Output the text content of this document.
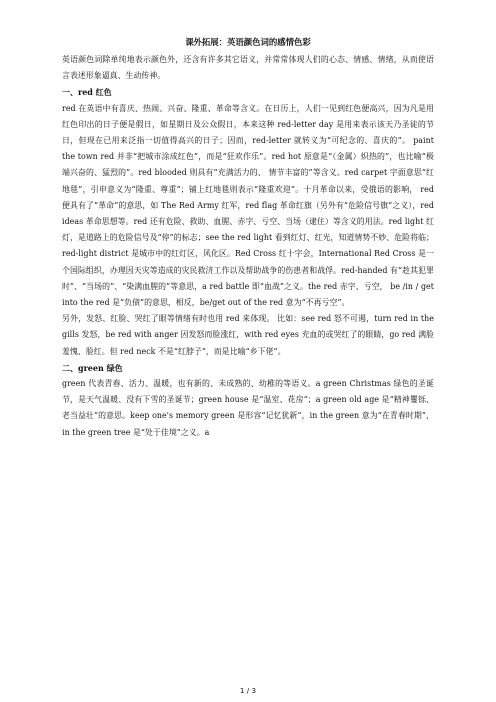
课外拓展：英语颜色词的感情色彩

英语颜色词除单纯地表示颜色外，还含有许多其它语义，并常常体现人们的心态、情感、情绪，从而使语言表述形象逼真、生动传神。

一、red 红色

red 在英语中有喜庆、热闹、兴奋、隆重、革命等含义。在日历上，人们一见到红色便高兴，因为凡是用红色印出的日子便是假日，如星期日及公众假日，本来这种 red-letter day 是用来表示该天乃圣徒的节日，但现在已用来泛指一切值得高兴的日子；因而，red-letter 就转义为“可纪念的、喜庆的”。 paint the town red 并非“把城市涂成红色”，而是“狂欢作乐”。red hot 原意是“（金属）炽热的”，也比喻“极端兴奋的、猛烈的”。red blooded 则具有“充满活力的、 情节丰富的”等含义。red carpet 字面意思“红地毯”，引申意义为“隆重、尊重”；铺上红地毯则表示“隆重欢迎”。十月革命以来，受俄语的影响， red 便具有了“革命”的意思，如 The Red Army 红军，red flag 革命红旗（另外有“危险信号旗”之义），red ideas 革命思想等。red 还有危险、救助、血腥、赤字、亏空、当场（逮住）等含义的用法。red light 红灯，是道路上的危险信号及“停”的标志；see the red light 看到红灯、红光，知道情势不妙、危险将临；red-light district 是城市中的红灯区，风化区。Red Cross 红十字会，International Red Cross 是一个国际组织，办理因天灾等造成的灾民救济工作以及帮助战争的伤患者和战俘。red-handed 有“趁其犯罪时”、“当场的”、“染满血腥的”等意思，a red battle 即“血战”之义。the red 赤字、亏空， be /in / get into the red 是“负债”的意思，相反，be/get out of the red 意为“不再亏空”。

另外，发怒、红脸、哭红了眼等情绪有时也用 red 来体现。 比如：see red 怒不可遏，turn red in the gills 发怒，be red with anger 因发怒而脸涨红，with red eyes 充血的或哭红了的眼睛，go red 满脸羞愧、脸红。但 red neck 不是“红脖子”，而是比喻“乡下佬”。

二、green 绿色

green 代表青春、活力、温暖，也有新的、未成熟的、幼稚的等语义。a green Christmas 绿色的圣诞节，是天气温暖、没有下雪的圣诞节；green house 是“温室、花房”；a green old age 是“精神矍铄、老当益壮”的意思。keep one's memory green 是形容“记忆犹新”，in the green 意为“在青春时期”，in the green tree 是“处于佳境”之义。a

1 / 3
